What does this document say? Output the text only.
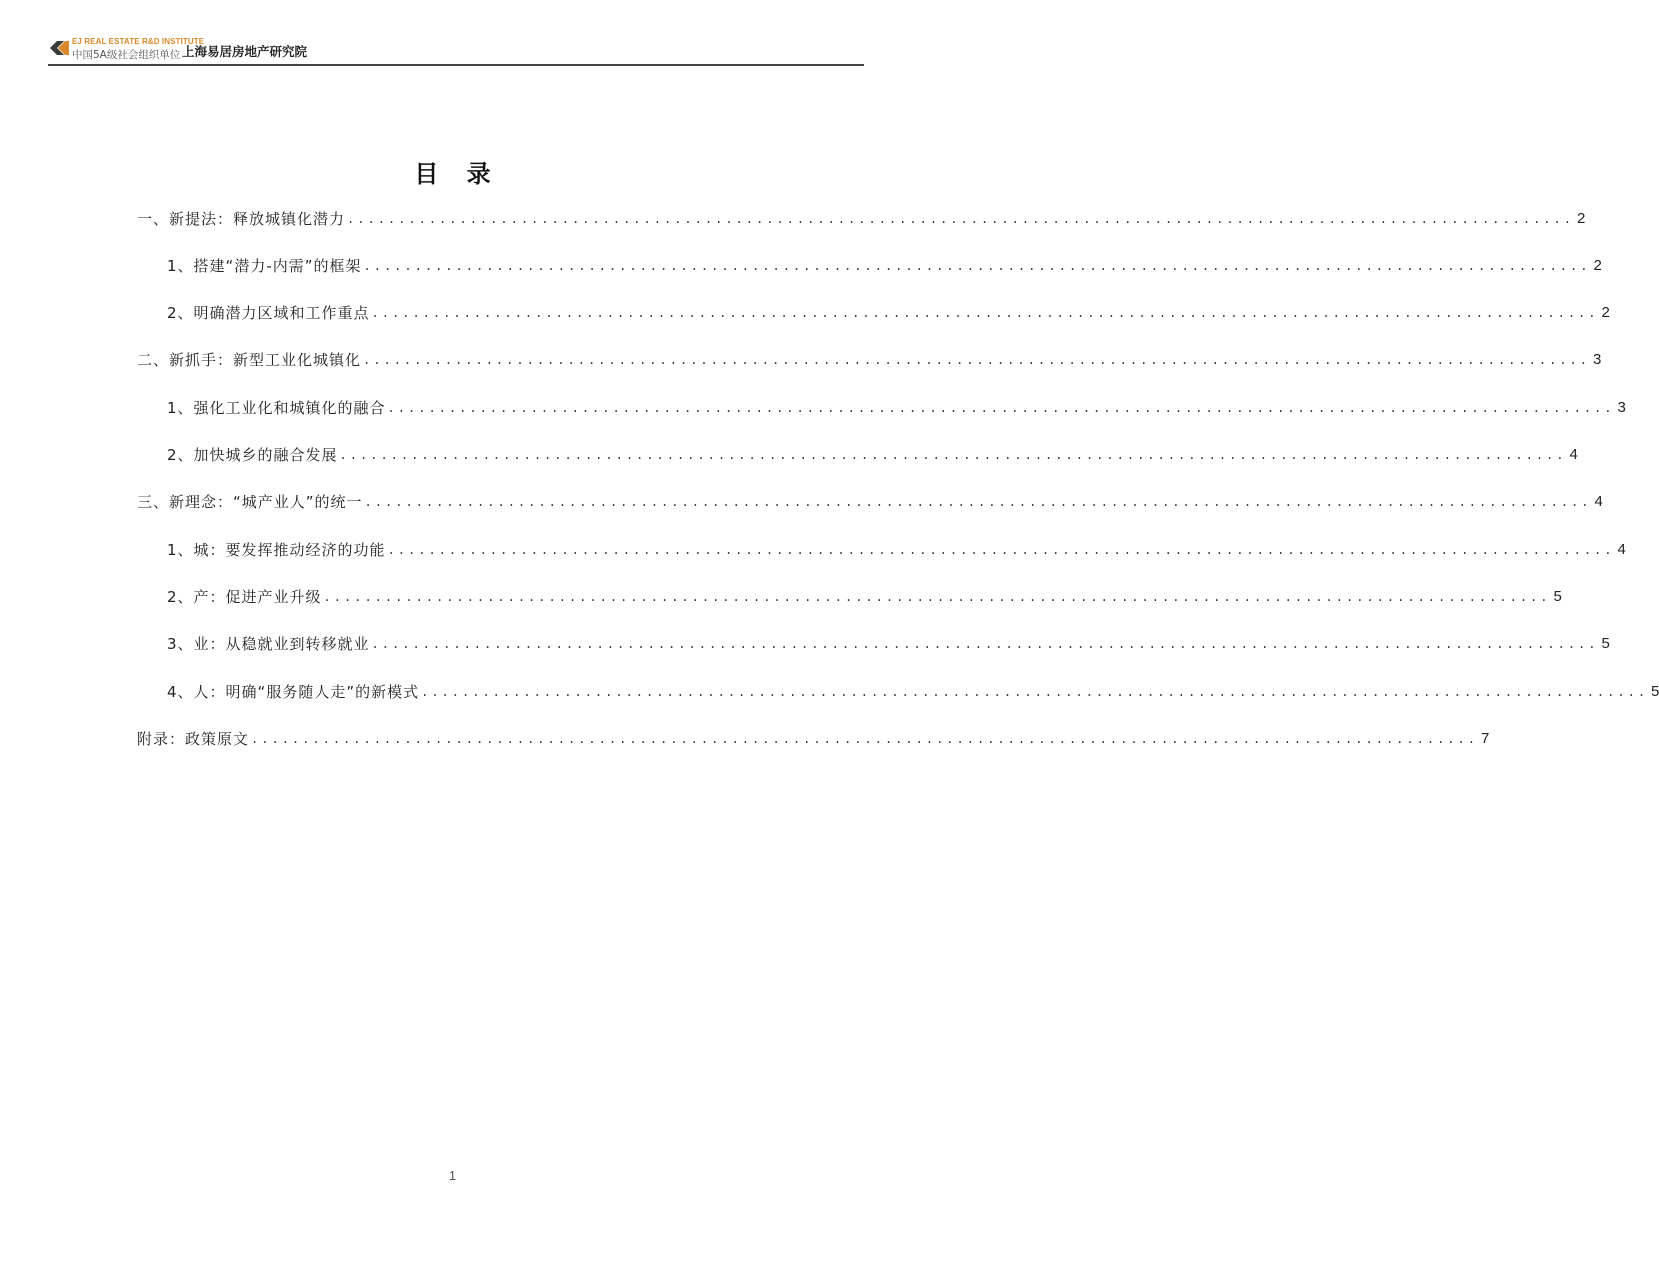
EJ REAL ESTATE R&D INSTITUTE
中国5A级社会组织单位 上海易居房地产研究院
目 录
一、新提法：释放城镇化潜力 ........................................................................................................................ 2
1、搭建“潜力-内需”的框架 ........................................................................................................................ 2
2、明确潜力区域和工作重点 ........................................................................................................................ 2
二、新抓手：新型工业化城镇化 ........................................................................................................................ 3
1、强化工业化和城镇化的融合 ........................................................................................................................ 3
2、加快城乡的融合发展 ........................................................................................................................ 4
三、新理念：“城产业人”的统一 ........................................................................................................................ 4
1、城：要发挥推动经济的功能 ........................................................................................................................ 4
2、产：促进产业升级 ........................................................................................................................ 5
3、业：从稳就业到转移就业 ........................................................................................................................ 5
4、人：明确“服务随人走”的新模式 ........................................................................................................................ 5
附录：政策原文 ........................................................................................................................ 7
1
